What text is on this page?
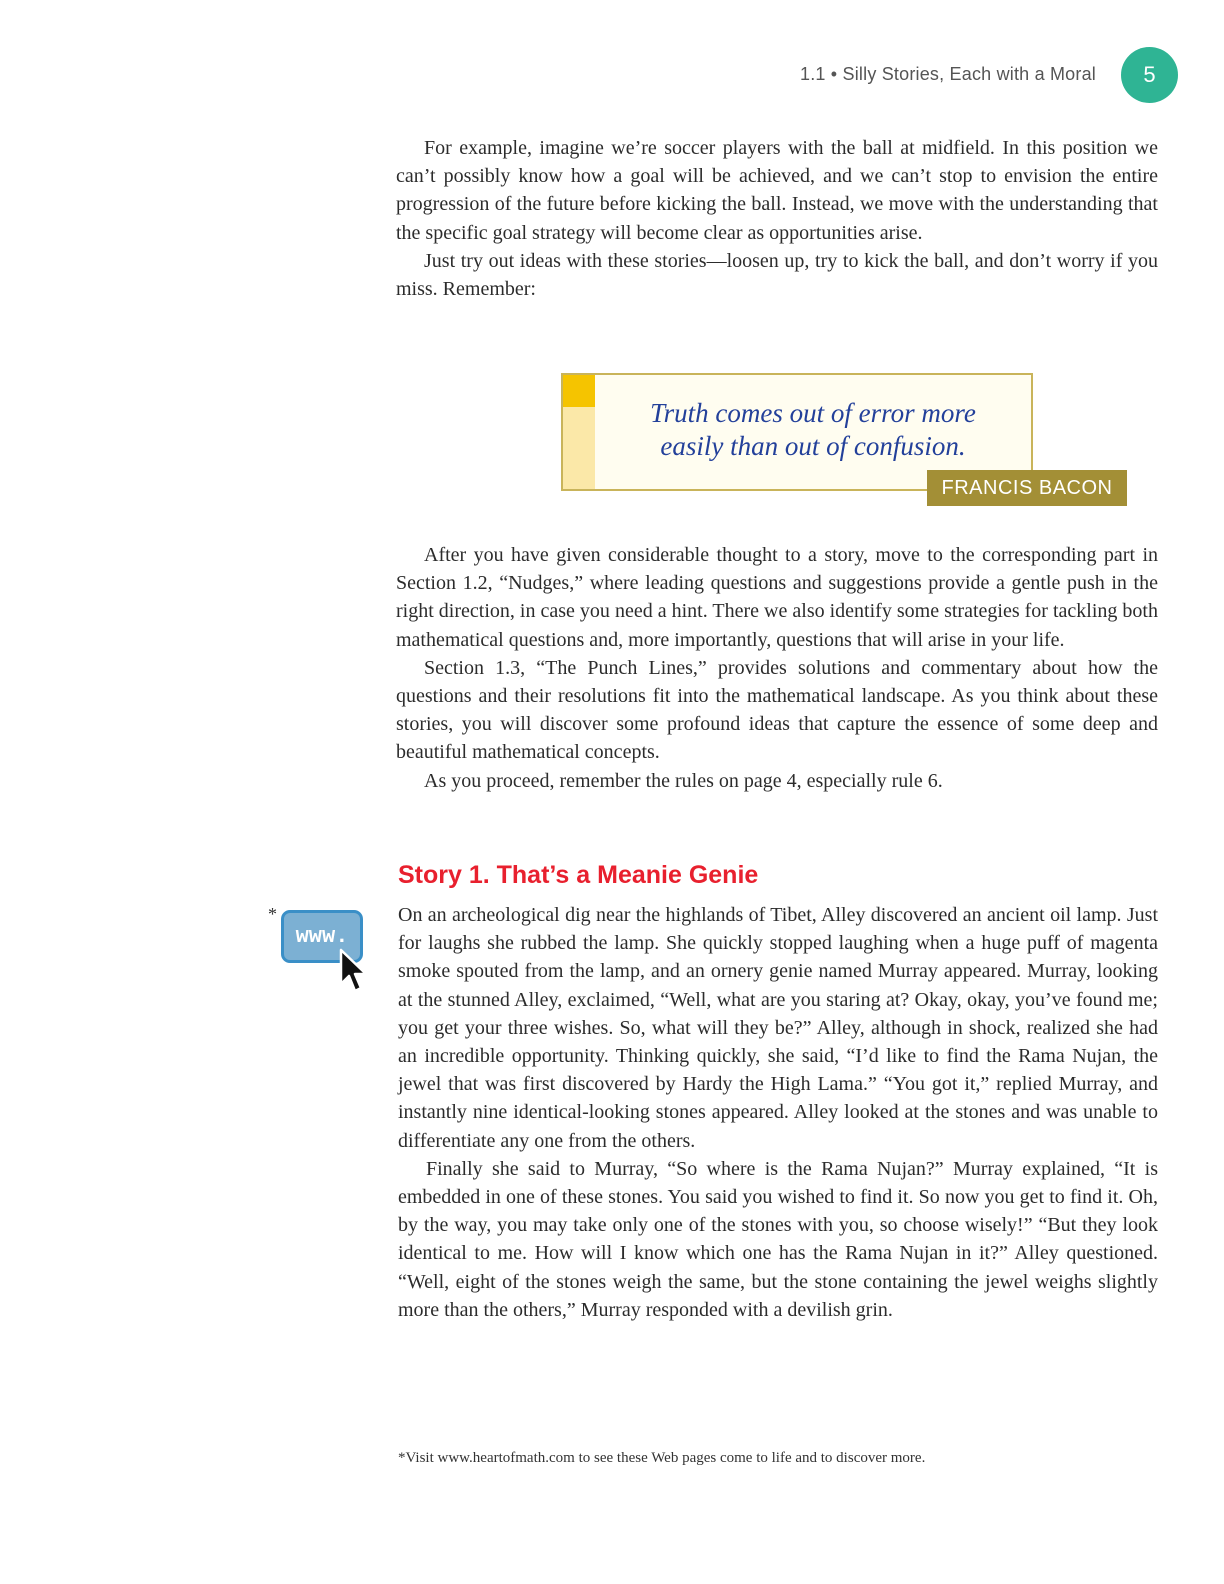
1.1 • Silly Stories, Each with a Moral	5

For example, imagine we’re soccer players with the ball at midfield. In this position we can’t possibly know how a goal will be achieved, and we can’t stop to envision the entire progression of the future before kicking the ball. Instead, we move with the understanding that the specific goal strategy will become clear as opportunities arise.

Just try out ideas with these stories—loosen up, try to kick the ball, and don’t worry if you miss. Remember:

Truth comes out of error more
easily than out of confusion.
FRANCIS BACON

After you have given considerable thought to a story, move to the corresponding part in Section 1.2, “Nudges,” where leading questions and suggestions provide a gentle push in the right direction, in case you need a hint. There we also identify some strategies for tackling both mathematical questions and, more importantly, questions that will arise in your life.

Section 1.3, “The Punch Lines,” provides solutions and commentary about how the questions and their resolutions fit into the mathematical landscape. As you think about these stories, you will discover some profound ideas that capture the essence of some deep and beautiful mathematical concepts.

As you proceed, remember the rules on page 4, especially rule 6.

Story 1. That’s a Meanie Genie
*
www.

On an archeological dig near the highlands of Tibet, Alley discovered an ancient oil lamp. Just for laughs she rubbed the lamp. She quickly stopped laughing when a huge puff of magenta smoke spouted from the lamp, and an ornery genie named Murray appeared. Murray, looking at the stunned Alley, exclaimed, “Well, what are you staring at? Okay, okay, you’ve found me; you get your three wishes. So, what will they be?” Alley, although in shock, realized she had an incredible opportunity. Thinking quickly, she said, “I’d like to find the Rama Nujan, the jewel that was first discovered by Hardy the High Lama.” “You got it,” replied Murray, and instantly nine identical-looking stones appeared. Alley looked at the stones and was unable to differentiate any one from the others.

Finally she said to Murray, “So where is the Rama Nujan?” Murray explained, “It is embedded in one of these stones. You said you wished to find it. So now you get to find it. Oh, by the way, you may take only one of the stones with you, so choose wisely!” “But they look identical to me. How will I know which one has the Rama Nujan in it?” Alley questioned. “Well, eight of the stones weigh the same, but the stone containing the jewel weighs slightly more than the others,” Murray responded with a devilish grin.

*Visit www.heartofmath.com to see these Web pages come to life and to discover more.
